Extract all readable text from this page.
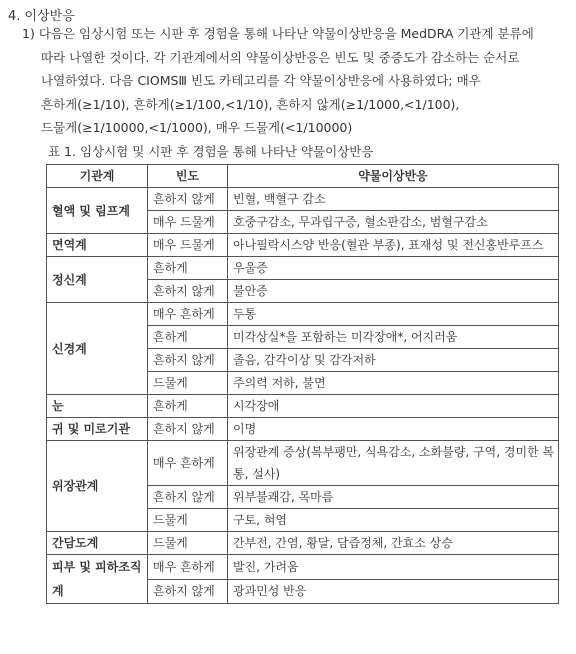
4. 이상반응
1) 다음은 임상시험 또는 시판 후 경험을 통해 나타난 약물이상반응을 MedDRA 기관계 분류에
따라 나열한 것이다. 각 기관계에서의 약물이상반응은 빈도 및 중증도가 감소하는 순서로
나열하였다. 다음 CIOMSⅢ 빈도 카테고리를 각 약물이상반응에 사용하였다; 매우
흔하게(≥1/10), 흔하게(≥1/100,<1/10), 흔하지 않게(≥1/1000,<1/100),
드물게(≥1/10000,<1/1000), 매우 드물게(<1/10000)
표 1. 임상시험 및 시판 후 경험을 통해 나타난 약물이상반응
기관계	빈도	약물이상반응
혈액 및 림프계	흔하지 않게	빈혈, 백혈구 감소
	매우 드물게	호중구감소, 무과립구증, 혈소판감소, 범혈구감소
면역계	매우 드물게	아나필락시스양 반응(혈관 부종), 표재성 및 전신홍반루프스
정신계	흔하게	우울증
	흔하지 않게	불안증
신경계	매우 흔하게	두통
	흔하게	미각상실*을 포함하는 미각장애*, 어지러움
	흔하지 않게	졸음, 감각이상 및 감각저하
	드물게	주의력 저하, 불면
눈	흔하게	시각장애
귀 및 미로기관	흔하지 않게	이명
위장관계	매우 흔하게	위장관계 증상(복부팽만, 식욕감소, 소화불량, 구역, 경미한 복통, 설사)
	흔하지 않게	위부불쾌감, 목마름
	드물게	구토, 혀염
간담도계	드물게	간부전, 간염, 황달, 담즙정체, 간효소 상승
피부 및 피하조직계	매우 흔하게	발진, 가려움
	흔하지 않게	광과민성 반응
